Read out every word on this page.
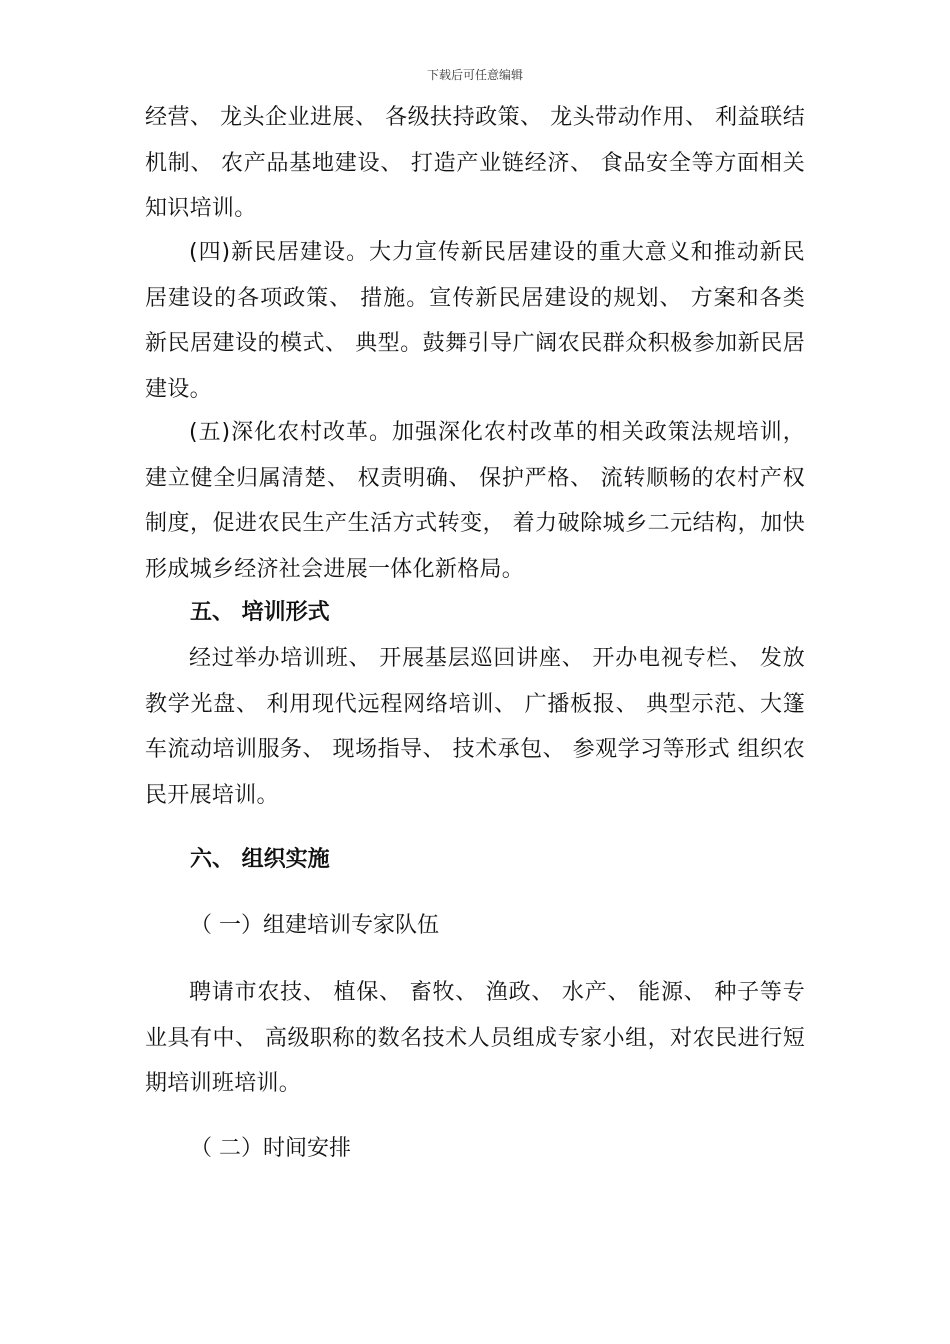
下载后可任意编辑

经营、 龙头企业进展、 各级扶持政策、 龙头带动作用、 利益联结机制、 农产品基地建设、 打造产业链经济、 食品安全等方面相关知识培训。

(四)新民居建设。大力宣传新民居建设的重大意义和推动新民居建设的各项政策、 措施。宣传新民居建设的规划、 方案和各类新民居建设的模式、 典型。鼓舞引导广阔农民群众积极参加新民居建设。

(五)深化农村改革。加强深化农村改革的相关政策法规培训，建立健全归属清楚、 权责明确、 保护严格、 流转顺畅的农村产权制度，促进农民生产生活方式转变， 着力破除城乡二元结构，加快形成城乡经济社会进展一体化新格局。

五、 培训形式

经过举办培训班、 开展基层巡回讲座、 开办电视专栏、 发放教学光盘、 利用现代远程网络培训、 广播板报、 典型示范、大篷车流动培训服务、 现场指导、 技术承包、 参观学习等形式 组织农民开展培训。

六、 组织实施

（ 一）组建培训专家队伍

聘请市农技、 植保、 畜牧、 渔政、 水产、 能源、 种子等专业具有中、 高级职称的数名技术人员组成专家小组，对农民进行短期培训班培训。

（ 二）时间安排
